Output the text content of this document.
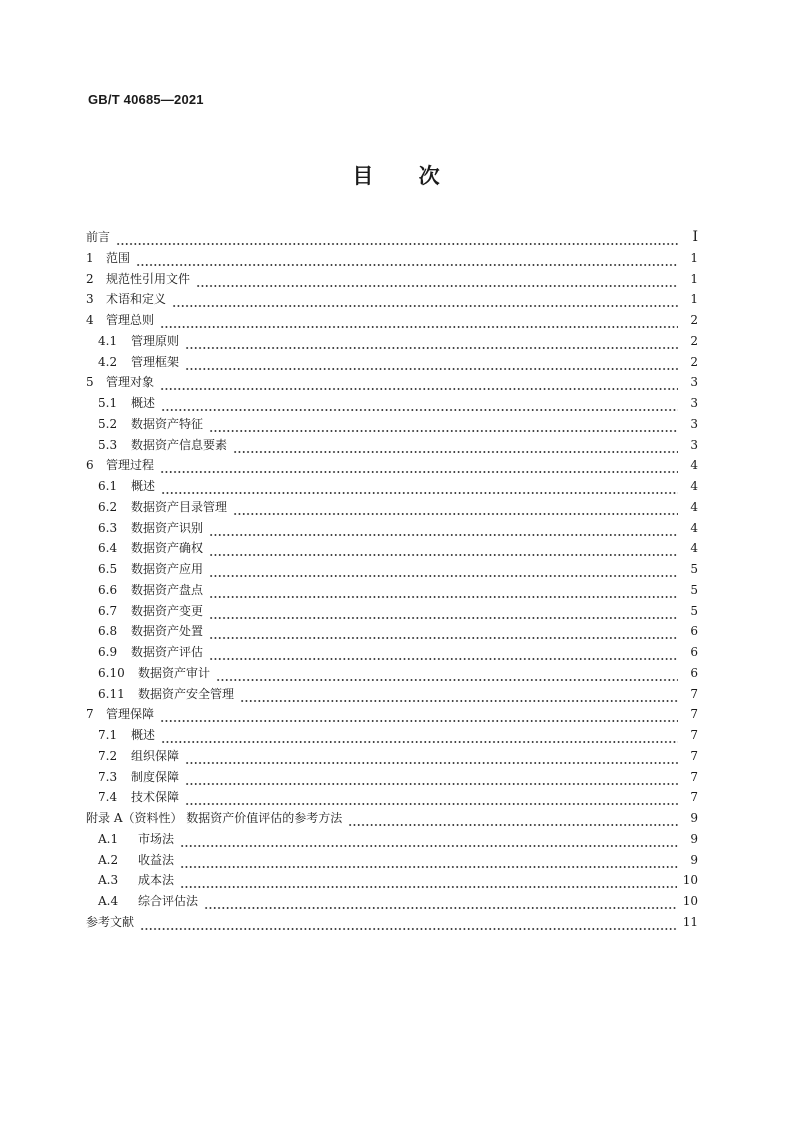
GB/T 40685—2021
目 次
前言	Ⅰ
1	范围	1
2	规范性引用文件	1
3	术语和定义	1
4	管理总则	2
4.1	管理原则	2
4.2	管理框架	2
5	管理对象	3
5.1	概述	3
5.2	数据资产特征	3
5.3	数据资产信息要素	3
6	管理过程	4
6.1	概述	4
6.2	数据资产目录管理	4
6.3	数据资产识别	4
6.4	数据资产确权	4
6.5	数据资产应用	5
6.6	数据资产盘点	5
6.7	数据资产变更	5
6.8	数据资产处置	6
6.9	数据资产评估	6
6.10	数据资产审计	6
6.11	数据资产安全管理	7
7	管理保障	7
7.1	概述	7
7.2	组织保障	7
7.3	制度保障	7
7.4	技术保障	7
附录 A（资料性） 数据资产价值评估的参考方法	9
A.1	市场法	9
A.2	收益法	9
A.3	成本法	10
A.4	综合评估法	10
参考文献	11
